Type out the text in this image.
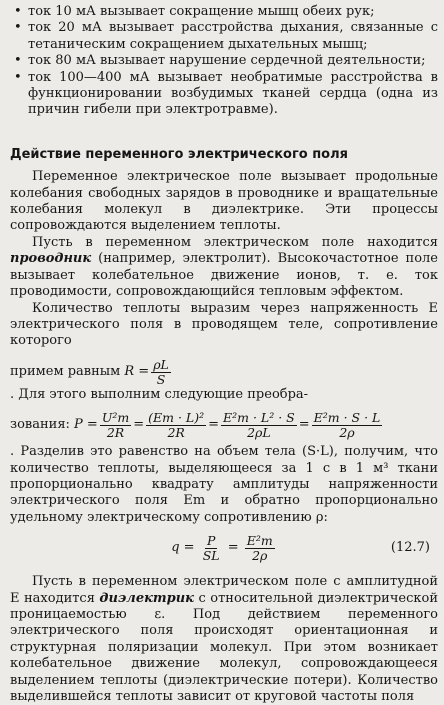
• ток 10 мА вызывает сокращение мышц обеих рук;
• ток 20 мА вызывает расстройства дыхания, связанные с тетаническим сокращением дыхательных мышц;
• ток 80 мА вызывает нарушение сердечной деятельности;
• ток 100—400 мА вызывает необратимые расстройства в функционировании возбудимых тканей сердца (одна из причин гибели при электротравме).
Действие переменного электрического поля

Переменное электрическое поле вызывает продольные колебания свободных зарядов в проводнике и вращательные колебания молекул в диэлектрике. Эти процессы сопровождаются выделением теплоты.

Пусть в переменном электрическом поле находится проводник (например, электролит). Высокочастотное поле вызывает колебательное движение ионов, т. е. ток проводимости, сопровождающийся тепловым эффектом.

Количество теплоты выразим через напряженность E электрического поля в проводящем теле, сопротивление которого

примем равным
$R = \frac{\rho L}{S}$
. Для этого выполним следующие преобра-
зования:
$P = \frac{\text{U²m}}{2R} = \frac{\text{(Em · L)²}}{2R} = \frac{\text{E²m · L² · S}}{2\rho L} = \frac{\text{E²m · S · L}}{2\rho}$

. Разделив это равенство на объем тела (S·L), получим, что количество теплоты, выделяющееся за 1 с в 1 м³ ткани пропорционально квадрату амплитуды напряженности электрического поля Em и обратно пропорционально удельному электрическому сопротивлению ρ:

q =
$\frac{P}{SL} = \frac{\text{E²m}}{2\rho}$	(12.7)

Пусть в переменном электрическом поле с амплитудной E находится диэлектрик с относительной диэлектрической проницаемостью ε. Под действием переменного электрического поля происходят ориентационная и структурная поляризации молекул. При этом возникает колебательное движение молекул, сопровождающееся выделением теплоты (диэлектрические потери). Количество выделившейся теплоты зависит от круговой частоты поля
